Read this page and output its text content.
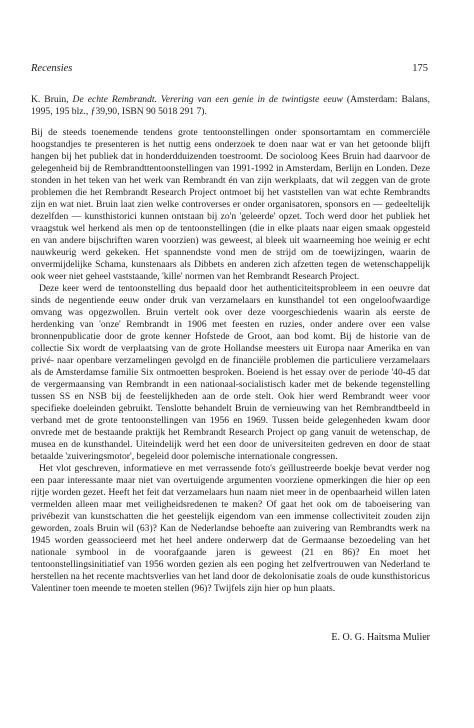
Recensies	175

K. Bruin, De echte Rembrandt. Verering van een genie in de twintigste eeuw (Amsterdam: Balans, 1995, 195 blz., ƒ39,90, ISBN 90 5018 291 7).

Bij de steeds toenemende tendens grote tentoonstellingen onder sponsortamtam en commerciële hoogstandjes te presenteren is het nuttig eens onderzoek te doen naar wat er van het getoonde blijft hangen bij het publiek dat in honderdduizenden toestroomt. De socioloog Kees Bruin had daarvoor de gelegenheid bij de Rembrandttentoonstellingen van 1991-1992 in Amsterdam, Berlijn en Londen. Deze stonden in het teken van het werk van Rembrandt én van zijn werkplaats, dat wil zeggen van de grote problemen die het Rembrandt Research Project ontmoet bij het vaststellen van wat echte Rembrandts zijn en wat niet. Bruin laat zien welke controverses er onder organisatoren, sponsors en — gedeeltelijk dezelfden — kunsthistorici kunnen ontstaan bij zo'n 'geleerde' opzet. Toch werd door het publiek het vraagstuk wel herkend als men op de tentoonstellingen (die in elke plaats naar eigen smaak opgesteld en van andere bijschriften waren voorzien) was geweest, al bleek uit waarneeming hoe weinig er echt nauwkeurig werd gekeken. Het spannendste vond men de strijd om de toewijzingen, waarin de onvermijdelijke Schama, kunstenaars als Dibbets en anderen zich afzetten tegen de wetenschappelijk ook weer niet geheel vaststaande, 'kille' normen van het Rembrandt Research Project.

Deze keer werd de tentoonstelling dus bepaald door het authenticiteitsprobleem in een oeuvre dat sinds de negentiende eeuw onder druk van verzamelaars en kunsthandel tot een ongeloofwaardige omvang was opgezwollen. Bruin vertelt ook over deze voorgeschiedenis waarin als eerste de herdenking van 'onze' Rembrandt in 1906 met feesten en ruzies, onder andere over een valse bronnenpublicatie door de grote kenner Hofstede de Groot, aan bod komt. Bij de historie van de collectie Six wordt de verplaatsing van de grote Hollandse meesters uit Europa naar Amerika en van privé- naar openbare verzamelingen gevolgd en de financiële problemen die particuliere verzamelaars als de Amsterdamse familie Six ontmoetten besproken. Boeiend is het essay over de periode '40-45 dat de vergermaansing van Rembrandt in een nationaal-socialistisch kader met de bekende tegenstelling tussen SS en NSB bij de feestelijkheden aan de orde stelt. Ook hier werd Rembrandt weer voor specifieke doeleinden gebruikt. Tenslotte behandelt Bruin de vernieuwing van het Rembrandtbeeld in verband met de grote tentoonstellingen van 1956 en 1969. Tussen beide gelegenheden kwam door onvrede met de bestaande praktijk het Rembrandt Research Project op gang vanuit de wetenschap, de musea en de kunsthandel. Uiteindelijk werd het een door de universiteiten gedreven en door de staat betaalde 'zuiveringsmotor', begeleid door polemische internationale congressen.

Het vlot geschreven, informatieve en met verrassende foto's geïllustreerde boekje bevat verder nog een paar interessante maar niet van overtuigende argumenten voorziene opmerkingen die hier op een rijtje worden gezet. Heeft het feit dat verzamelaars hun naam niet meer in de openbaarheid willen laten vermelden alleen maar met veiligheidsredenen te maken? Of gaat het ook om de taboeisering van privébezit van kunstschatten die het geestelijk eigendom van een immense collectiviteit zouden zijn geworden, zoals Bruin wil (63)? Kan de Nederlandse behoefte aan zuivering van Rembrandts werk na 1945 worden geassocieerd met het heel andere onderwerp dat de Germaanse bezoedeling van het nationale symbool in de voorafgaande jaren is geweest (21 en 86)? En moet het tentoonstellingsinitiatief van 1956 worden gezien als een poging het zelfvertrouwen van Nederland te herstellen na het recente machtsverlies van het land door de dekolonisatie zoals de oude kunsthistoricus Valentiner toen meende te moeten stellen (96)? Twijfels zijn hier op hun plaats.

E. O. G. Haitsma Mulier
